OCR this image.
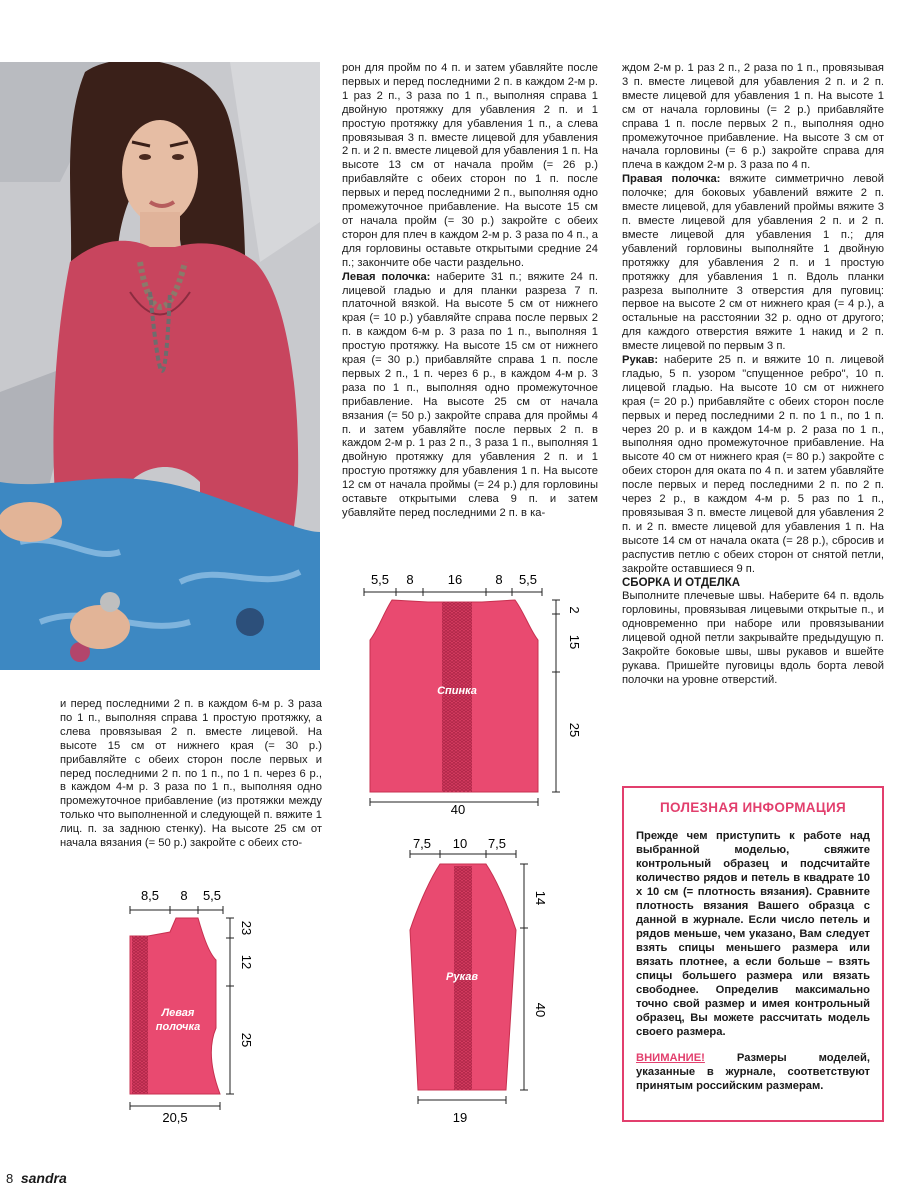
рон для пройм по 4 п. и затем убавляйте после первых и перед последними 2 п. в каждом 2-м р. 1 раз 2 п., 3 раза по 1 п., выполняя справа 1 двойную протяжку для убавления 2 п. и 1 простую протяжку для убавления 1 п., а слева провязывая 3 п. вместе лицевой для убавления 2 п. и 2 п. вместе лицевой для убавления 1 п. На высоте 13 см от начала пройм (= 26 р.) прибавляйте с обеих сторон по 1 п. после первых и перед последними 2 п., выполняя одно промежуточное прибавление. На высоте 15 см от начала пройм (= 30 р.) закройте с обеих сторон для плеч в каждом 2-м р. 3 раза по 4 п., а для горловины оставьте открытыми средние 24 п.; закончите обе части раздельно.

Левая полочка: наберите 31 п.; вяжите 24 п. лицевой гладью и для планки разреза 7 п. платочной вязкой. На высоте 5 см от нижнего края (= 10 р.) убавляйте справа после первых 2 п. в каждом 6-м р. 3 раза по 1 п., выполняя 1 простую протяжку. На высоте 15 см от нижнего края (= 30 р.) прибавляйте справа 1 п. после первых 2 п., 1 п. через 6 р., в каждом 4-м р. 3 раза по 1 п., выполняя одно промежуточное прибавление. На высоте 25 см от начала вязания (= 50 р.) закройте справа для проймы 4 п. и затем убавляйте после первых 2 п. в каждом 2-м р. 1 раз 2 п., 3 раза 1 п., выполняя 1 двойную протяжку для убавления 2 п. и 1 простую протяжку для убавления 1 п. На высоте 12 см от начала проймы (= 24 р.) для горловины оставьте открытыми слева 9 п. и затем убавляйте перед последними 2 п. в ка-

ждом 2-м р. 1 раз 2 п., 2 раза по 1 п., провязывая 3 п. вместе лицевой для убавления 2 п. и 2 п. вместе лицевой для убавления 1 п. На высоте 1 см от начала горловины (= 2 р.) прибавляйте справа 1 п. после первых 2 п., выполняя одно промежуточное прибавление. На высоте 3 см от начала горловины (= 6 р.) закройте справа для плеча в каждом 2-м р. 3 раза по 4 п.

Правая полочка: вяжите симметрично левой полочке; для боковых убавлений вяжите 2 п. вместе лицевой, для убавлений проймы вяжите 3 п. вместе лицевой для убавления 2 п. и 2 п. вместе лицевой для убавления 1 п.; для убавлений горловины выполняйте 1 двойную протяжку для убавления 2 п. и 1 простую протяжку для убавления 1 п. Вдоль планки разреза выполните 3 отверстия для пуговиц: первое на высоте 2 см от нижнего края (= 4 р.), а остальные на расстоянии 32 р. одно от другого; для каждого отверстия вяжите 1 накид и 2 п. вместе лицевой по первым 3 п.

Рукав: наберите 25 п. и вяжите 10 п. лицевой гладью, 5 п. узором "спущенное ребро", 10 п. лицевой гладью. На высоте 10 см от нижнего края (= 20 р.) прибавляйте с обеих сторон после первых и перед последними 2 п. по 1 п., по 1 п. через 20 р. и в каждом 14-м р. 2 раза по 1 п., выполняя одно промежуточное прибавление. На высоте 40 см от нижнего края (= 80 р.) закройте с обеих сторон для оката по 4 п. и затем убавляйте после первых и перед последними 2 п. по 2 п. через 2 р., в каждом 4-м р. 5 раз по 1 п., провязывая 3 п. вместе лицевой для убавления 2 п. и 2 п. вместе лицевой для убавления 1 п. На высоте 14 см от начала оката (= 28 р.), сбросив и распустив петлю с обеих сторон от снятой петли, закройте оставшиеся 9 п.

СБОРКА И ОТДЕЛКА

Выполните плечевые швы. Наберите 64 п. вдоль горловины, провязывая лицевыми открытые п., и одновременно при наборе или провязывании лицевой одной петли закрывайте предыдущую п. Закройте боковые швы, швы рукавов и вшейте рукава. Пришейте пуговицы вдоль борта левой полочки на уровне отверстий.

и перед последними 2 п. в каждом 6-м р. 3 раза по 1 п., выполняя справа 1 простую протяжку, а слева провязывая 2 п. вместе лицевой. На высоте 15 см от нижнего края (= 30 р.) прибавляйте с обеих сторон после первых и перед последними 2 п. по 1 п., по 1 п. через 6 р., в каждом 4-м р. 3 раза по 1 п., выполняя одно промежуточное прибавление (из протяжки между только что выполненной и следующей п. вяжите 1 лиц. п. за заднюю стенку). На высоте 25 см от начала вязания (= 50 р.) закройте с обеих сто-

5,5 8	16	8 5,5
Спинка
2
15
25
40
8,5 8 5,5
Левая
полочка
23
12
25
20,5
7,5 10 7,5
Рукав
14
40
19
ПОЛЕЗНАЯ ИНФОРМАЦИЯ
Прежде чем приступить к работе над выбранной моделью, свяжите контрольный образец и подсчитайте количество рядов и петель в квадрате 10 х 10 см (= плотность вязания). Сравните плотность вязания Вашего образца с данной в журнале. Если число петель и рядов меньше, чем указано, Вам следует взять спицы меньшего размера или вязать плотнее, а если больше – взять спицы большего размера или вязать свободнее. Определив максимально точно свой размер и имея контрольный образец, Вы можете рассчитать модель своего размера.
ВНИМАНИЕ! Размеры моделей, указанные в журнале, соответствуют принятым российским размерам.
8 sandra
